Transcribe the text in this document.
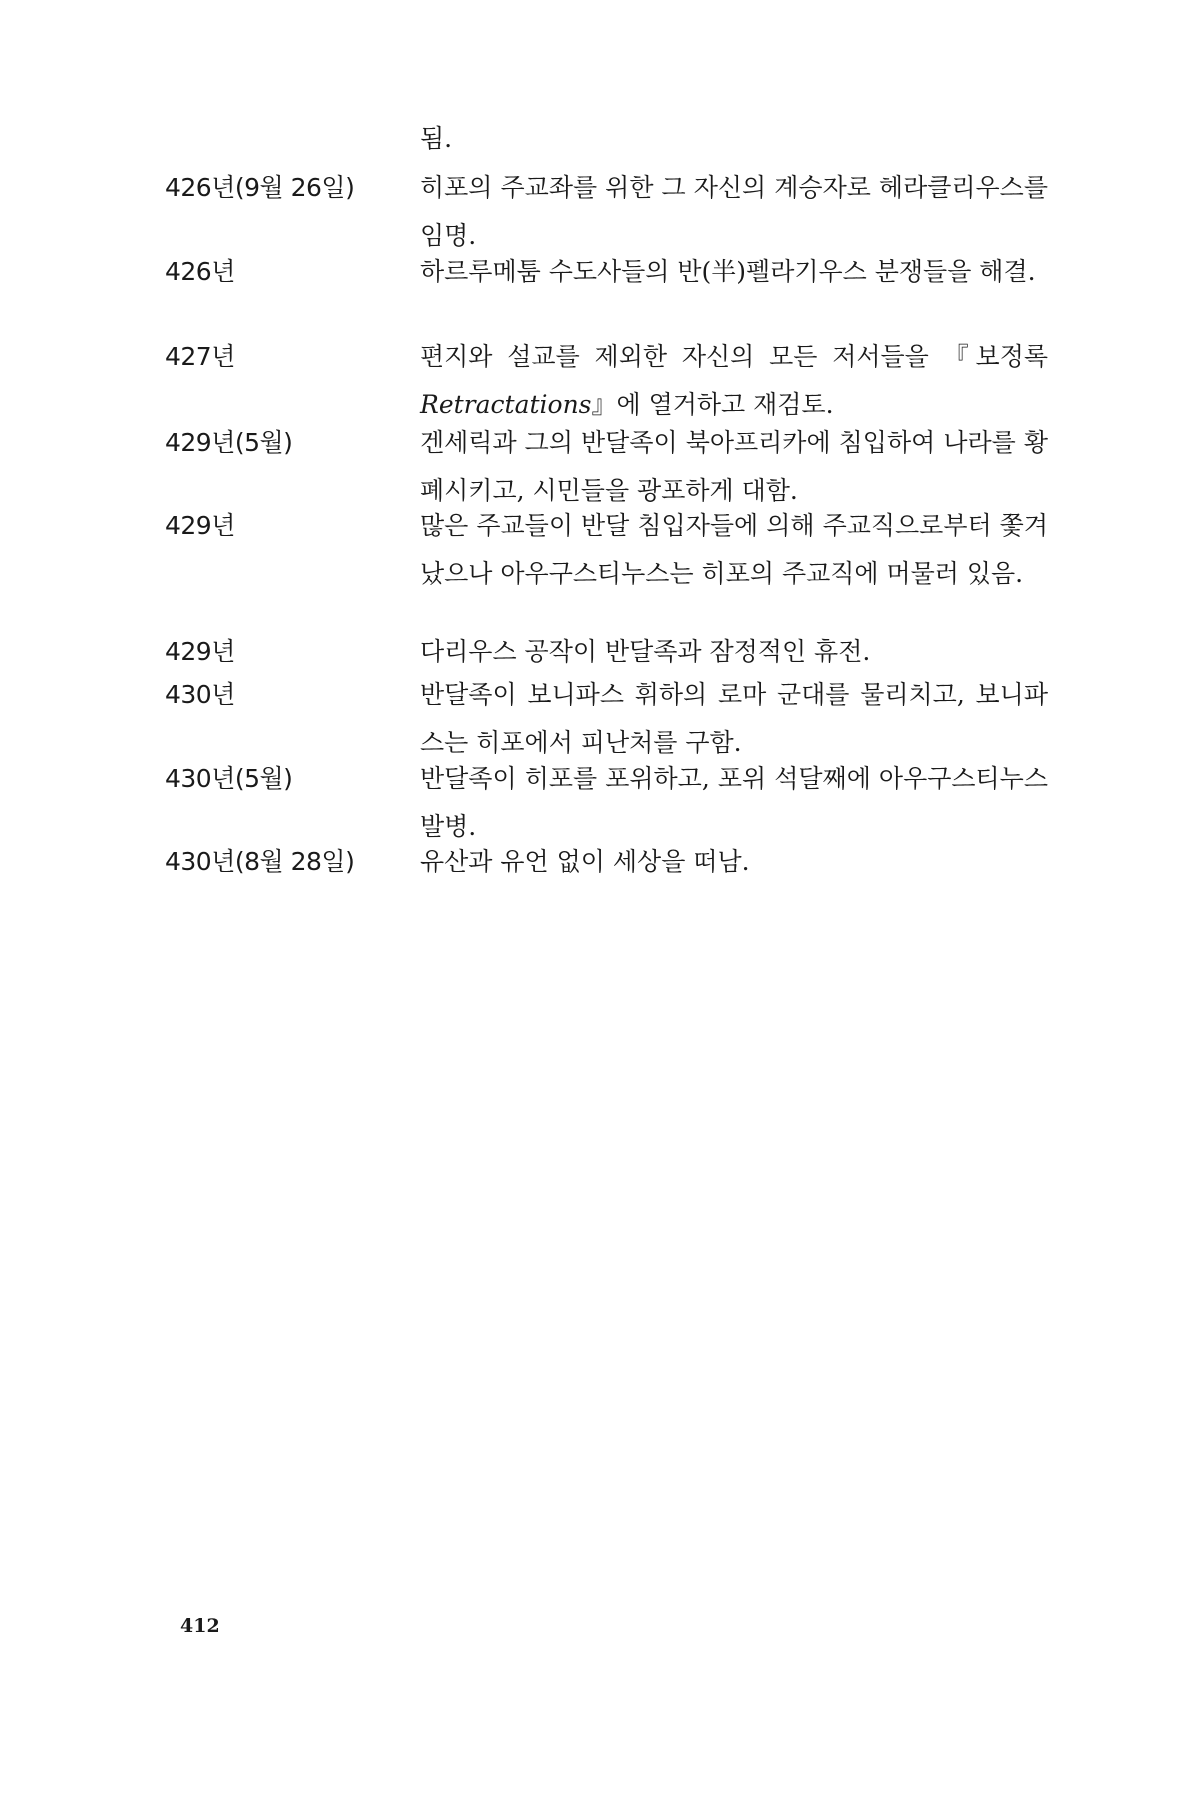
됨.
426년(9월 26일)	히포의 주교좌를 위한 그 자신의 계승자로 헤라클리우스를 임명.
426년	하르루메툼 수도사들의 반(半)펠라기우스 분쟁들을 해결.
427년	편지와 설교를 제외한 자신의 모든 저서들을 『보정록 Retractations』에 열거하고 재검토.
429년(5월)	겐세릭과 그의 반달족이 북아프리카에 침입하여 나라를 황폐시키고, 시민들을 광포하게 대함.
429년	많은 주교들이 반달 침입자들에 의해 주교직으로부터 쫓겨났으나 아우구스티누스는 히포의 주교직에 머물러 있음.
429년	다리우스 공작이 반달족과 잠정적인 휴전.
430년	반달족이 보니파스 휘하의 로마 군대를 물리치고, 보니파스는 히포에서 피난처를 구함.
430년(5월)	반달족이 히포를 포위하고, 포위 석달째에 아우구스티누스 발병.
430년(8월 28일)	유산과 유언 없이 세상을 떠남.
412
